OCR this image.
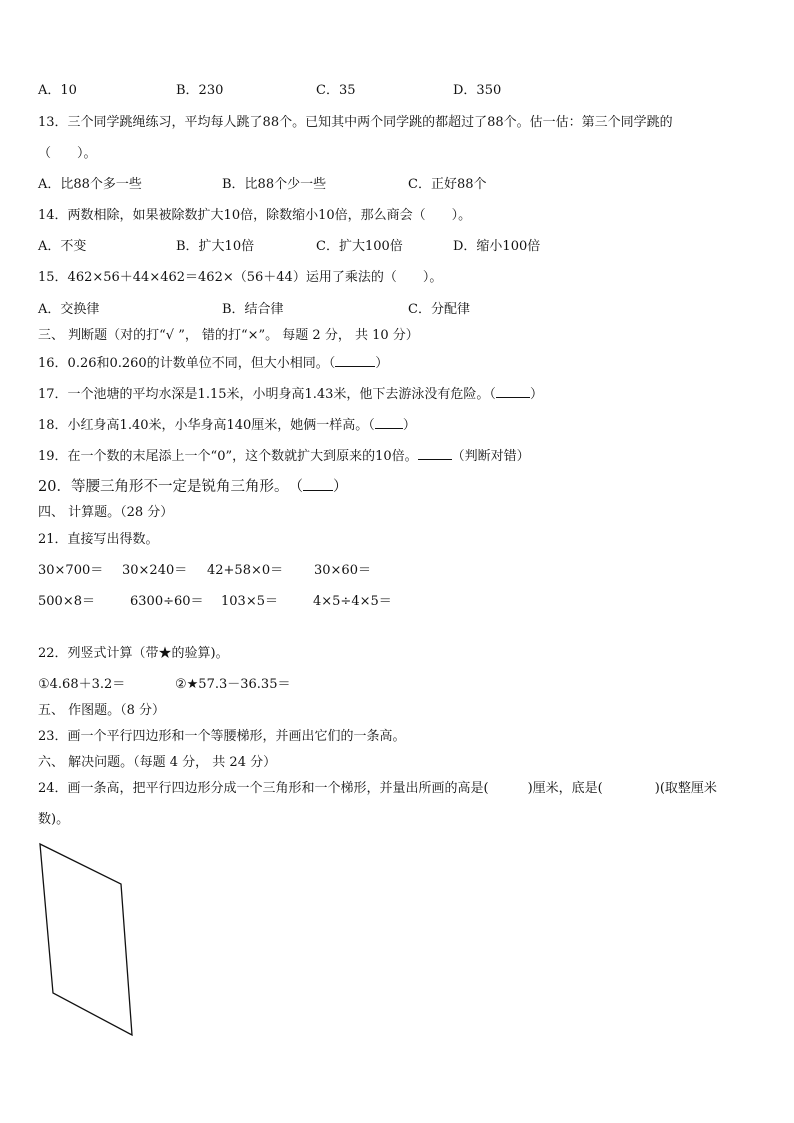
A．10	B．230	C．35	D．350
13．三个同学跳绳练习，平均每人跳了88个。已知其中两个同学跳的都超过了88个。估一估：第三个同学跳的
（　　）。
A．比88个多一些	B．比88个少一些	C．正好88个
14．两数相除，如果被除数扩大10倍，除数缩小10倍，那么商会（　　）。
A．不变	B．扩大10倍	C．扩大100倍	D．缩小100倍
15．462×56＋44×462＝462×（56＋44）运用了乘法的（　　）。
A．交换律	B．结合律	C．分配律
三、 判断题（对的打“√ ”， 错的打“×”。 每题 2 分， 共 10 分）
16．0.26和0.260的计数单位不同，但大小相同。（	）
17．一个池塘的平均水深是1.15米，小明身高1.43米，他下去游泳没有危险。（	）
18．小红身高1.40米，小华身高140厘米，她俩一样高。（ ）
19．在一个数的末尾添上一个“0”，这个数就扩大到原来的10倍。	（判断对错）
20．等腰三角形不一定是锐角三角形。　（ ）
四、 计算题。（28 分）
21．直接写出得数。
30×700＝ 30×240＝ 42+58×0＝ 30×60＝
500×8＝	6300÷60＝ 103×5＝	4×5÷4×5＝
22．列竖式计算（带★的验算)。
①4.68＋3.2＝	②★57.3－36.35＝
五、 作图题。（8 分）
23．画一个平行四边形和一个等腰梯形，并画出它们的一条高。
六、 解决问题。（每题 4 分， 共 24 分）
24．画一条高，把平行四边形分成一个三角形和一个梯形，并量出所画的高是(　　　)厘米，底是(　　　　)(取整厘米
数)。
